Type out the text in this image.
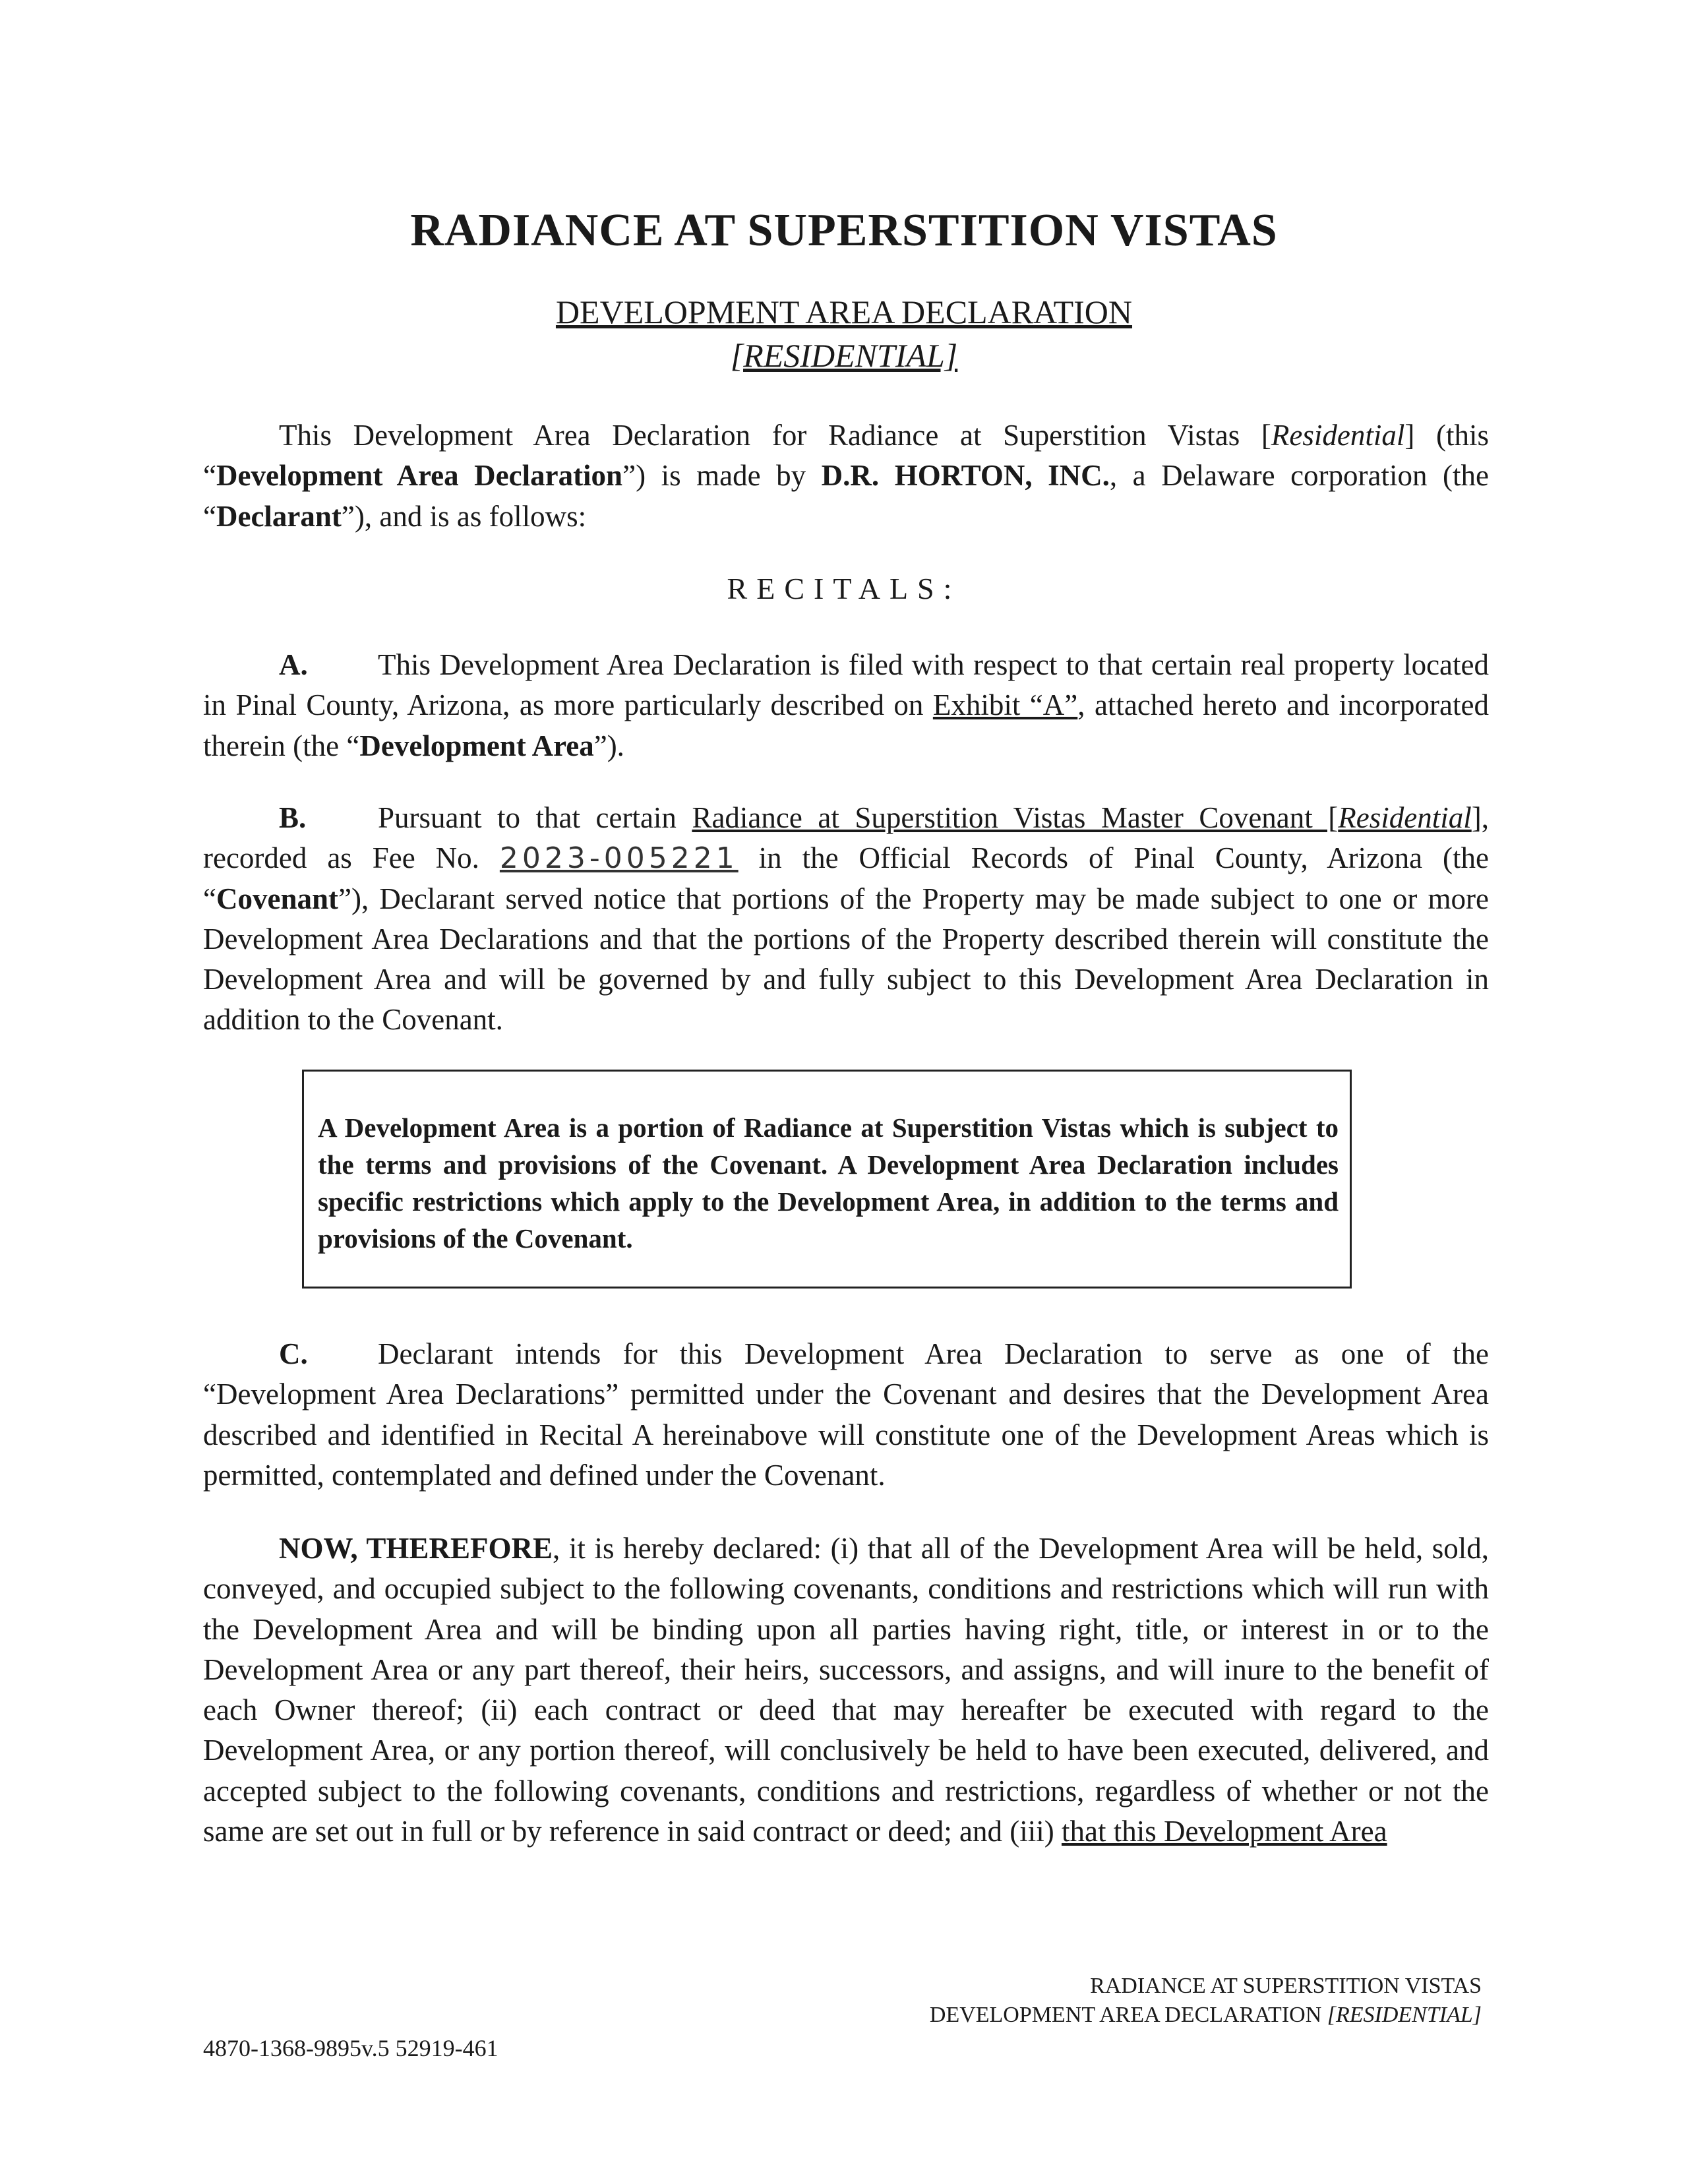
RADIANCE AT SUPERSTITION VISTAS
DEVELOPMENT AREA DECLARATION
[RESIDENTIAL]
This Development Area Declaration for Radiance at Superstition Vistas [Residential] (this “Development Area Declaration”) is made by D.R. HORTON, INC., a Delaware corporation (the “Declarant”), and is as follows:
RECITALS:
A. This Development Area Declaration is filed with respect to that certain real property located in Pinal County, Arizona, as more particularly described on Exhibit “A”, attached hereto and incorporated therein (the “Development Area”).
B. Pursuant to that certain Radiance at Superstition Vistas Master Covenant [Residential], recorded as Fee No. 2023-005221 in the Official Records of Pinal County, Arizona (the “Covenant”), Declarant served notice that portions of the Property may be made subject to one or more Development Area Declarations and that the portions of the Property described therein will constitute the Development Area and will be governed by and fully subject to this Development Area Declaration in addition to the Covenant.
A Development Area is a portion of Radiance at Superstition Vistas which is subject to the terms and provisions of the Covenant. A Development Area Declaration includes specific restrictions which apply to the Development Area, in addition to the terms and provisions of the Covenant.
C. Declarant intends for this Development Area Declaration to serve as one of the “Development Area Declarations” permitted under the Covenant and desires that the Development Area described and identified in Recital A hereinabove will constitute one of the Development Areas which is permitted, contemplated and defined under the Covenant.
NOW, THEREFORE, it is hereby declared: (i) that all of the Development Area will be held, sold, conveyed, and occupied subject to the following covenants, conditions and restrictions which will run with the Development Area and will be binding upon all parties having right, title, or interest in or to the Development Area or any part thereof, their heirs, successors, and assigns, and will inure to the benefit of each Owner thereof; (ii) each contract or deed that may hereafter be executed with regard to the Development Area, or any portion thereof, will conclusively be held to have been executed, delivered, and accepted subject to the following covenants, conditions and restrictions, regardless of whether or not the same are set out in full or by reference in said contract or deed; and (iii) that this Development Area
RADIANCE AT SUPERSTITION VISTAS
DEVELOPMENT AREA DECLARATION [RESIDENTIAL]
4870-1368-9895v.5 52919-461
